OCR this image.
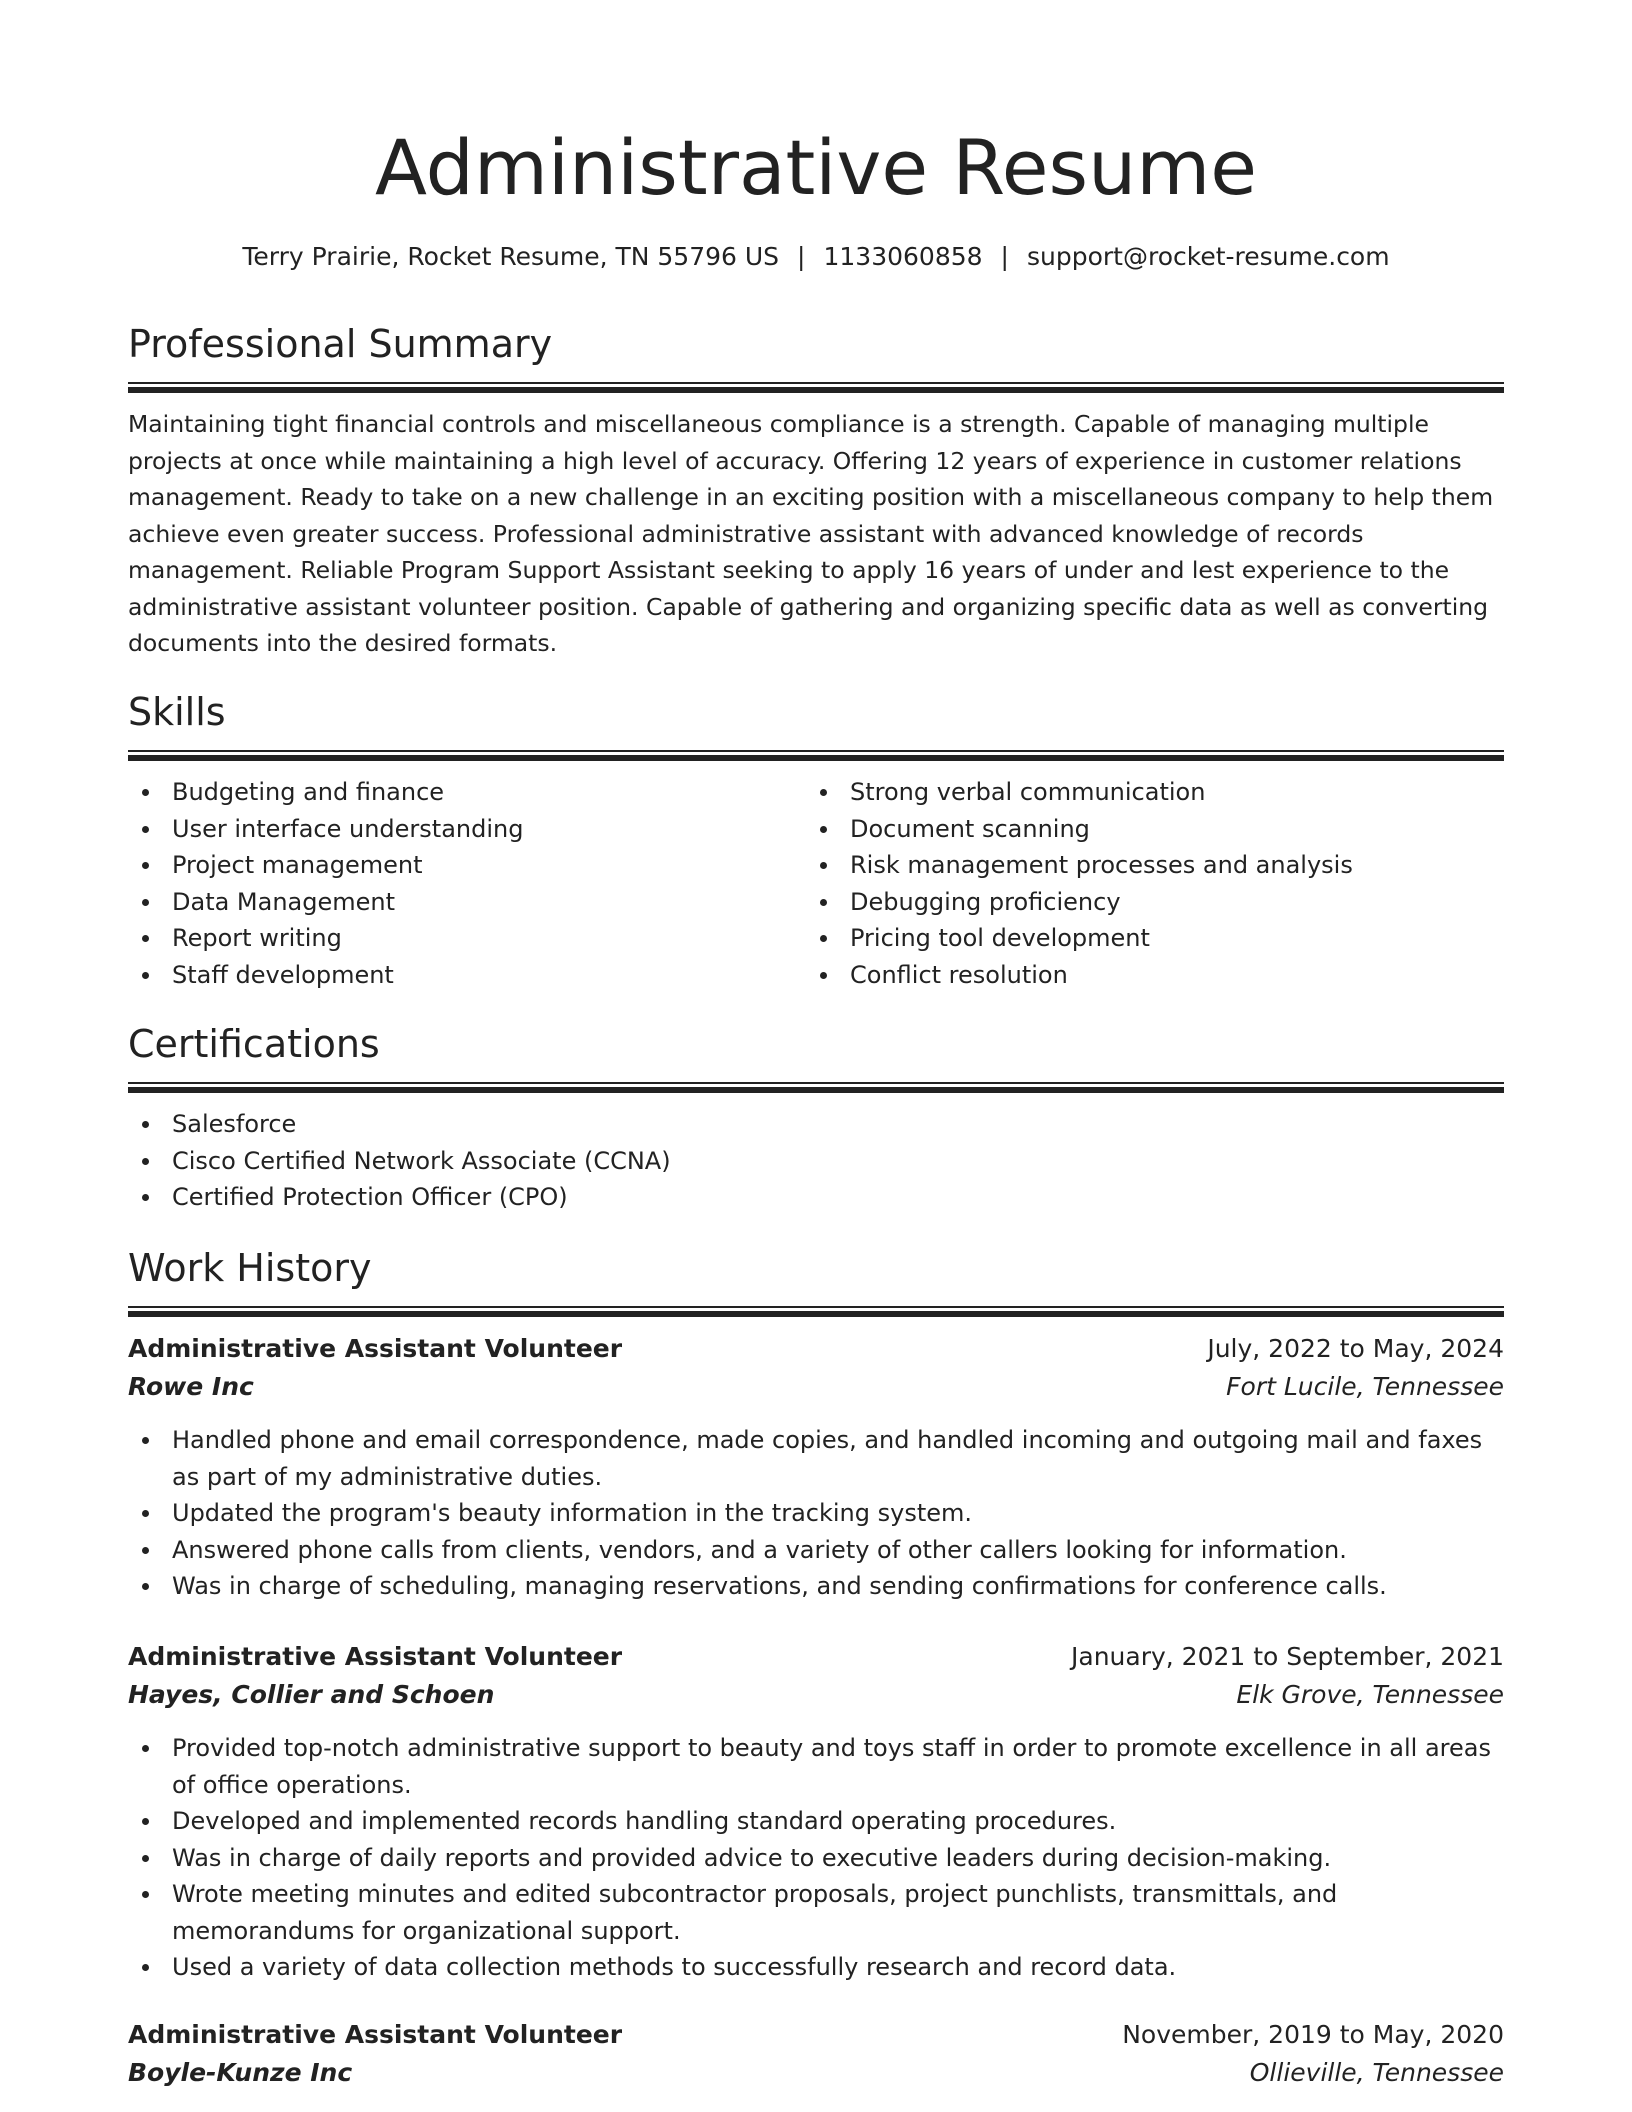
Administrative Resume
Terry Prairie, Rocket Resume, TN 55796 US | 1133060858 | support@rocket-resume.com
Professional Summary

Maintaining tight financial controls and miscellaneous compliance is a strength. Capable of managing multiple projects at once while maintaining a high level of accuracy. Offering 12 years of experience in customer relations management. Ready to take on a new challenge in an exciting position with a miscellaneous company to help them achieve even greater success. Professional administrative assistant with advanced knowledge of records management. Reliable Program Support Assistant seeking to apply 16 years of under and lest experience to the administrative assistant volunteer position. Capable of gathering and organizing specific data as well as converting documents into the desired formats.

Skills
Budgeting and finance
User interface understanding
Project management
Data Management
Report writing
Staff development
Strong verbal communication
Document scanning
Risk management processes and analysis
Debugging proficiency
Pricing tool development
Conflict resolution
Certifications
Salesforce
Cisco Certified Network Associate (CCNA)
Certified Protection Officer (CPO)
Work History
Administrative Assistant Volunteer	July, 2022 to May, 2024
Rowe Inc	Fort Lucile, Tennessee
Handled phone and email correspondence, made copies, and handled incoming and outgoing mail and faxes as part of my administrative duties.
Updated the program's beauty information in the tracking system.
Answered phone calls from clients, vendors, and a variety of other callers looking for information.
Was in charge of scheduling, managing reservations, and sending confirmations for conference calls.
Administrative Assistant Volunteer	January, 2021 to September, 2021
Hayes, Collier and Schoen	Elk Grove, Tennessee
Provided top-notch administrative support to beauty and toys staff in order to promote excellence in all areas of office operations.
Developed and implemented records handling standard operating procedures.
Was in charge of daily reports and provided advice to executive leaders during decision-making.
Wrote meeting minutes and edited subcontractor proposals, project punchlists, transmittals, and memorandums for organizational support.
Used a variety of data collection methods to successfully research and record data.
Administrative Assistant Volunteer	November, 2019 to May, 2020
Boyle-Kunze Inc	Ollieville, Tennessee
